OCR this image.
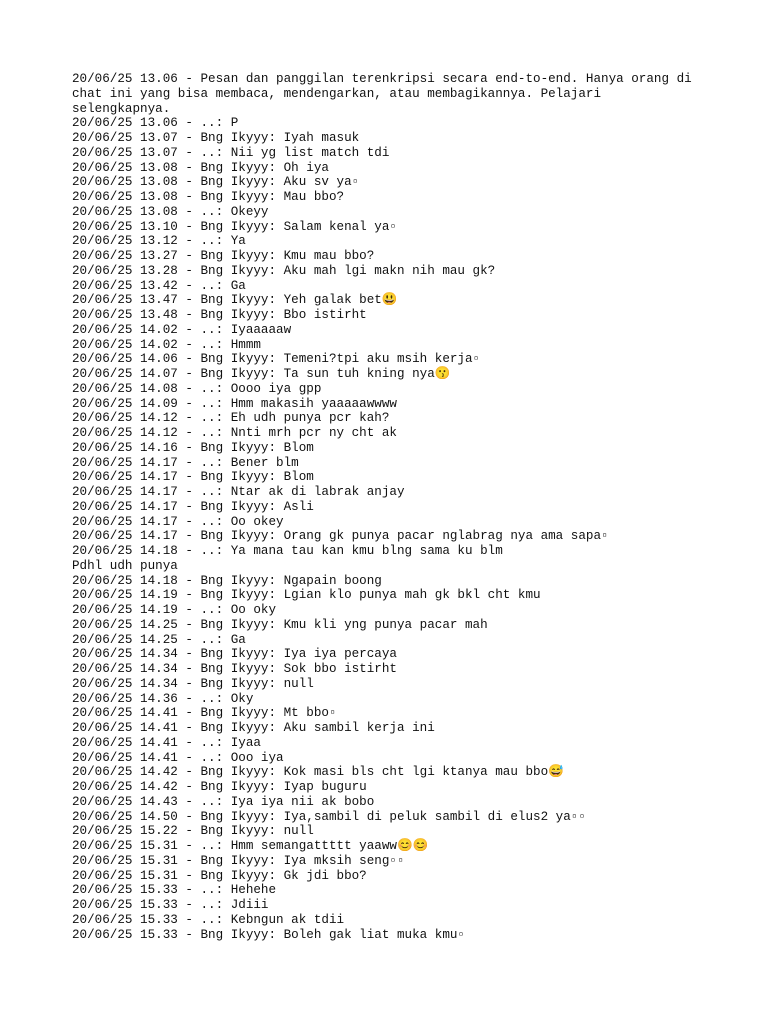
20/06/25 13.06 - Pesan dan panggilan terenkripsi secara end-to-end. Hanya orang di

chat ini yang bisa membaca, mendengarkan, atau membagikannya. Pelajari

selengkapnya.

20/06/25 13.06 - ..: P

20/06/25 13.07 - Bng Ikyyy: Iyah masuk

20/06/25 13.07 - ..: Nii yg list match tdi

20/06/25 13.08 - Bng Ikyyy: Oh iya

20/06/25 13.08 - Bng Ikyyy: Aku sv ya▫

20/06/25 13.08 - Bng Ikyyy: Mau bbo?

20/06/25 13.08 - ..: Okeyy

20/06/25 13.10 - Bng Ikyyy: Salam kenal ya▫

20/06/25 13.12 - ..: Ya

20/06/25 13.27 - Bng Ikyyy: Kmu mau bbo?

20/06/25 13.28 - Bng Ikyyy: Aku mah lgi makn nih mau gk?

20/06/25 13.42 - ..: Ga

20/06/25 13.47 - Bng Ikyyy: Yeh galak bet😃

20/06/25 13.48 - Bng Ikyyy: Bbo istirht

20/06/25 14.02 - ..: Iyaaaaaw

20/06/25 14.02 - ..: Hmmm

20/06/25 14.06 - Bng Ikyyy: Temeni?tpi aku msih kerja▫

20/06/25 14.07 - Bng Ikyyy: Ta sun tuh kning nya😗

20/06/25 14.08 - ..: Oooo iya gpp

20/06/25 14.09 - ..: Hmm makasih yaaaaawwww

20/06/25 14.12 - ..: Eh udh punya pcr kah?

20/06/25 14.12 - ..: Nnti mrh pcr ny cht ak

20/06/25 14.16 - Bng Ikyyy: Blom

20/06/25 14.17 - ..: Bener blm

20/06/25 14.17 - Bng Ikyyy: Blom

20/06/25 14.17 - ..: Ntar ak di labrak anjay

20/06/25 14.17 - Bng Ikyyy: Asli

20/06/25 14.17 - ..: Oo okey

20/06/25 14.17 - Bng Ikyyy: Orang gk punya pacar nglabrag nya ama sapa▫

20/06/25 14.18 - ..: Ya mana tau kan kmu blng sama ku blm

Pdhl udh punya

20/06/25 14.18 - Bng Ikyyy: Ngapain boong

20/06/25 14.19 - Bng Ikyyy: Lgian klo punya mah gk bkl cht kmu

20/06/25 14.19 - ..: Oo oky

20/06/25 14.25 - Bng Ikyyy: Kmu kli yng punya pacar mah

20/06/25 14.25 - ..: Ga

20/06/25 14.34 - Bng Ikyyy: Iya iya percaya

20/06/25 14.34 - Bng Ikyyy: Sok bbo istirht

20/06/25 14.34 - Bng Ikyyy: null

20/06/25 14.36 - ..: Oky

20/06/25 14.41 - Bng Ikyyy: Mt bbo▫

20/06/25 14.41 - Bng Ikyyy: Aku sambil kerja ini

20/06/25 14.41 - ..: Iyaa

20/06/25 14.41 - ..: Ooo iya

20/06/25 14.42 - Bng Ikyyy: Kok masi bls cht lgi ktanya mau bbo😅

20/06/25 14.42 - Bng Ikyyy: Iyap buguru

20/06/25 14.43 - ..: Iya iya nii ak bobo

20/06/25 14.50 - Bng Ikyyy: Iya,sambil di peluk sambil di elus2 ya▫▫

20/06/25 15.22 - Bng Ikyyy: null

20/06/25 15.31 - ..: Hmm semangattttt yaaww😊😊

20/06/25 15.31 - Bng Ikyyy: Iya mksih seng▫▫

20/06/25 15.31 - Bng Ikyyy: Gk jdi bbo?

20/06/25 15.33 - ..: Hehehe

20/06/25 15.33 - ..: Jdiii

20/06/25 15.33 - ..: Kebngun ak tdii

20/06/25 15.33 - Bng Ikyyy: Boleh gak liat muka kmu▫
